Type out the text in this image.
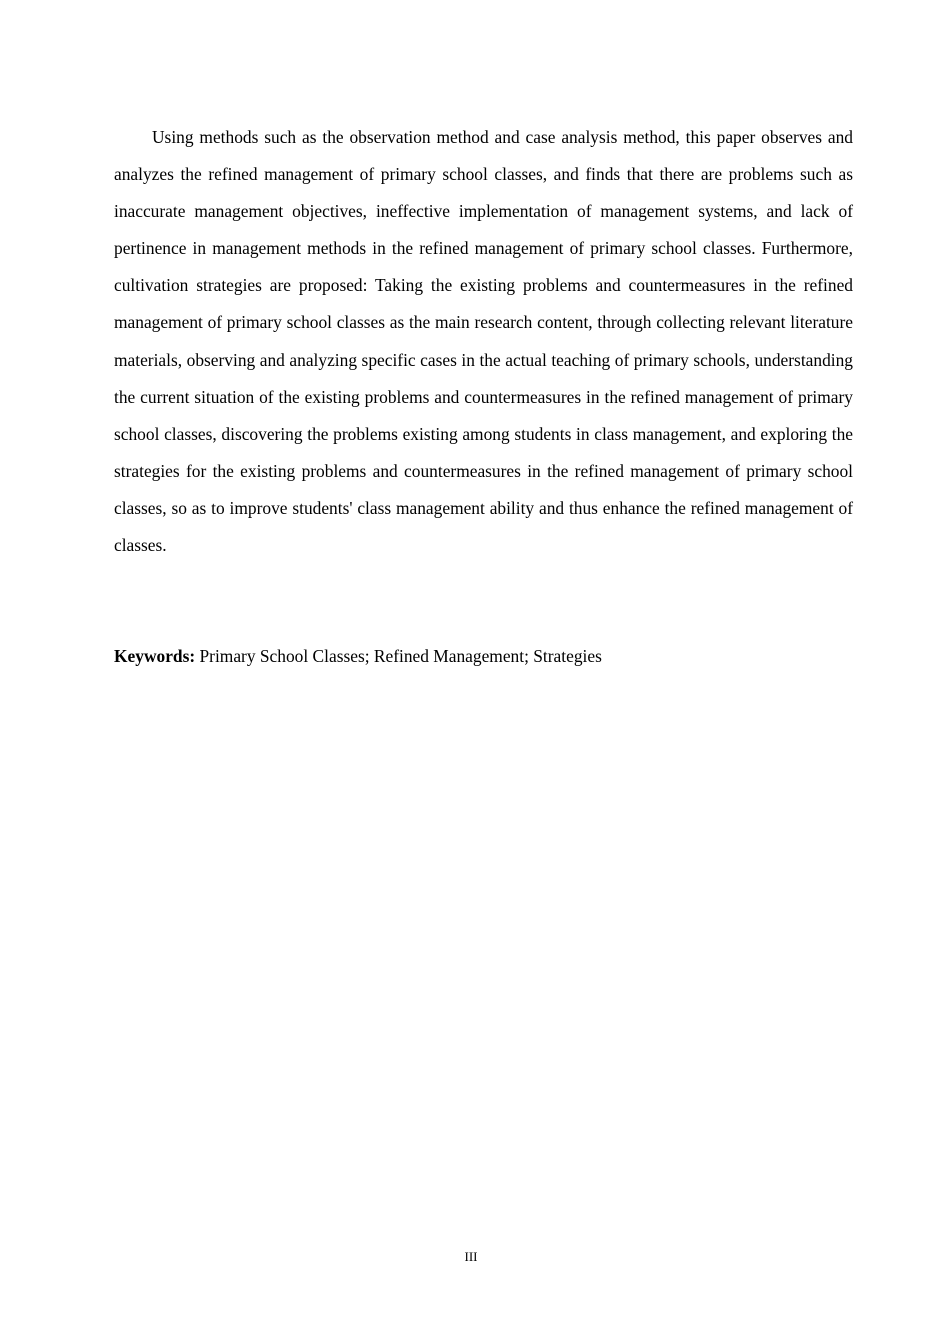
Using methods such as the observation method and case analysis method, this paper observes and analyzes the refined management of primary school classes, and finds that there are problems such as inaccurate management objectives, ineffective implementation of management systems, and lack of pertinence in management methods in the refined management of primary school classes. Furthermore, cultivation strategies are proposed: Taking the existing problems and countermeasures in the refined management of primary school classes as the main research content, through collecting relevant literature materials, observing and analyzing specific cases in the actual teaching of primary schools, understanding the current situation of the existing problems and countermeasures in the refined management of primary school classes, discovering the problems existing among students in class management, and exploring the strategies for the existing problems and countermeasures in the refined management of primary school classes, so as to improve students' class management ability and thus enhance the refined management of classes.

Keywords: Primary School Classes; Refined Management; Strategies

III
